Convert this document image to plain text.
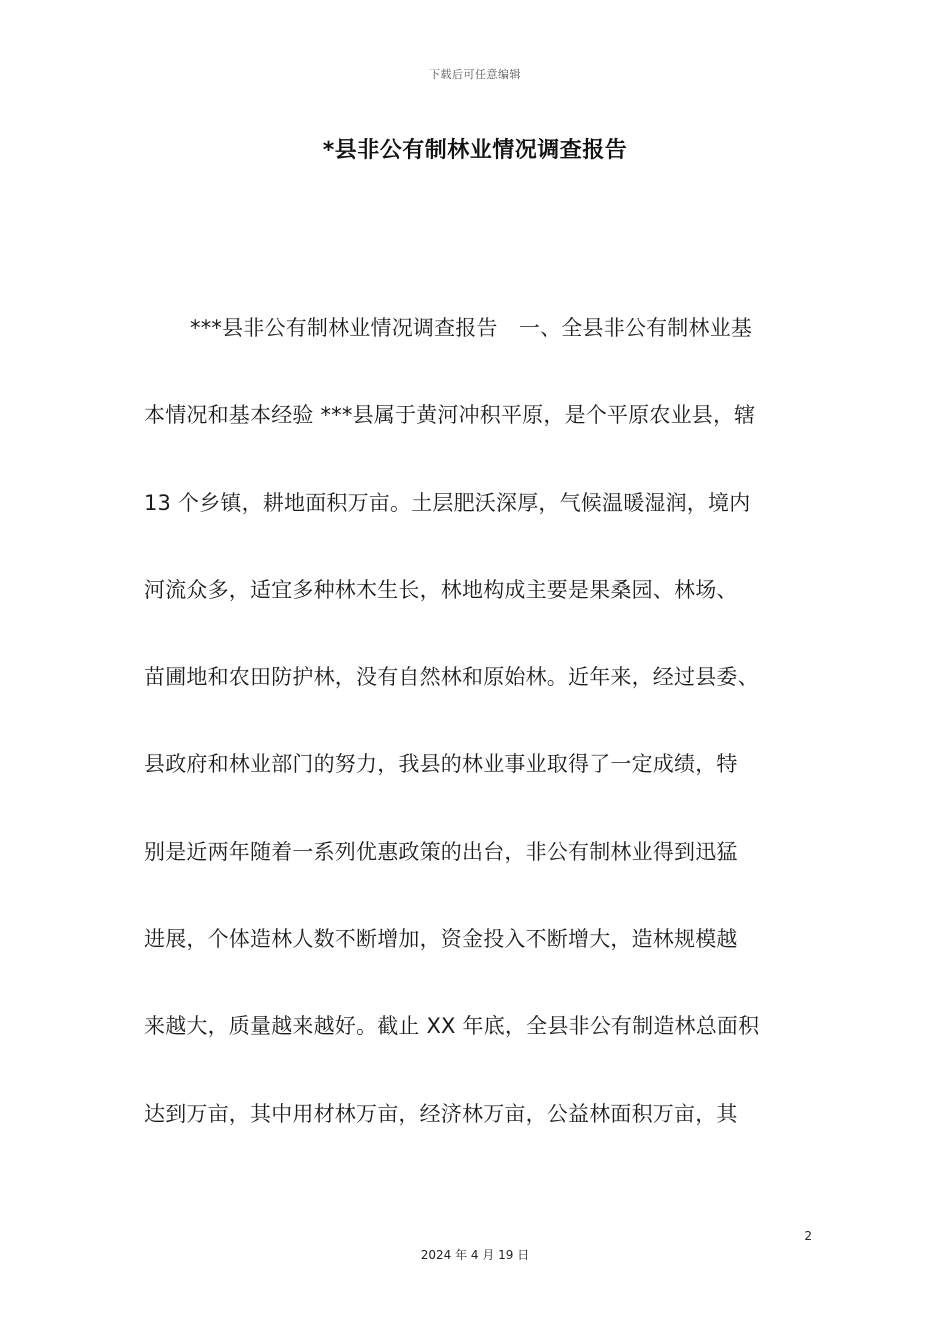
下载后可任意编辑
*县非公有制林业情况调查报告
***县非公有制林业情况调查报告　一、全县非公有制林业基
本情况和基本经验 ***县属于黄河冲积平原，是个平原农业县，辖
13 个乡镇，耕地面积万亩。土层肥沃深厚，气候温暖湿润，境内
河流众多，适宜多种林木生长，林地构成主要是果桑园、林场、
苗圃地和农田防护林，没有自然林和原始林。近年来，经过县委、
县政府和林业部门的努力，我县的林业事业取得了一定成绩，特
别是近两年随着一系列优惠政策的出台，非公有制林业得到迅猛
进展，个体造林人数不断增加，资金投入不断增大，造林规模越
来越大，质量越来越好。截止 XX 年底，全县非公有制造林总面积
达到万亩，其中用材林万亩，经济林万亩，公益林面积万亩，其
2
2024 年 4 月 19 日
